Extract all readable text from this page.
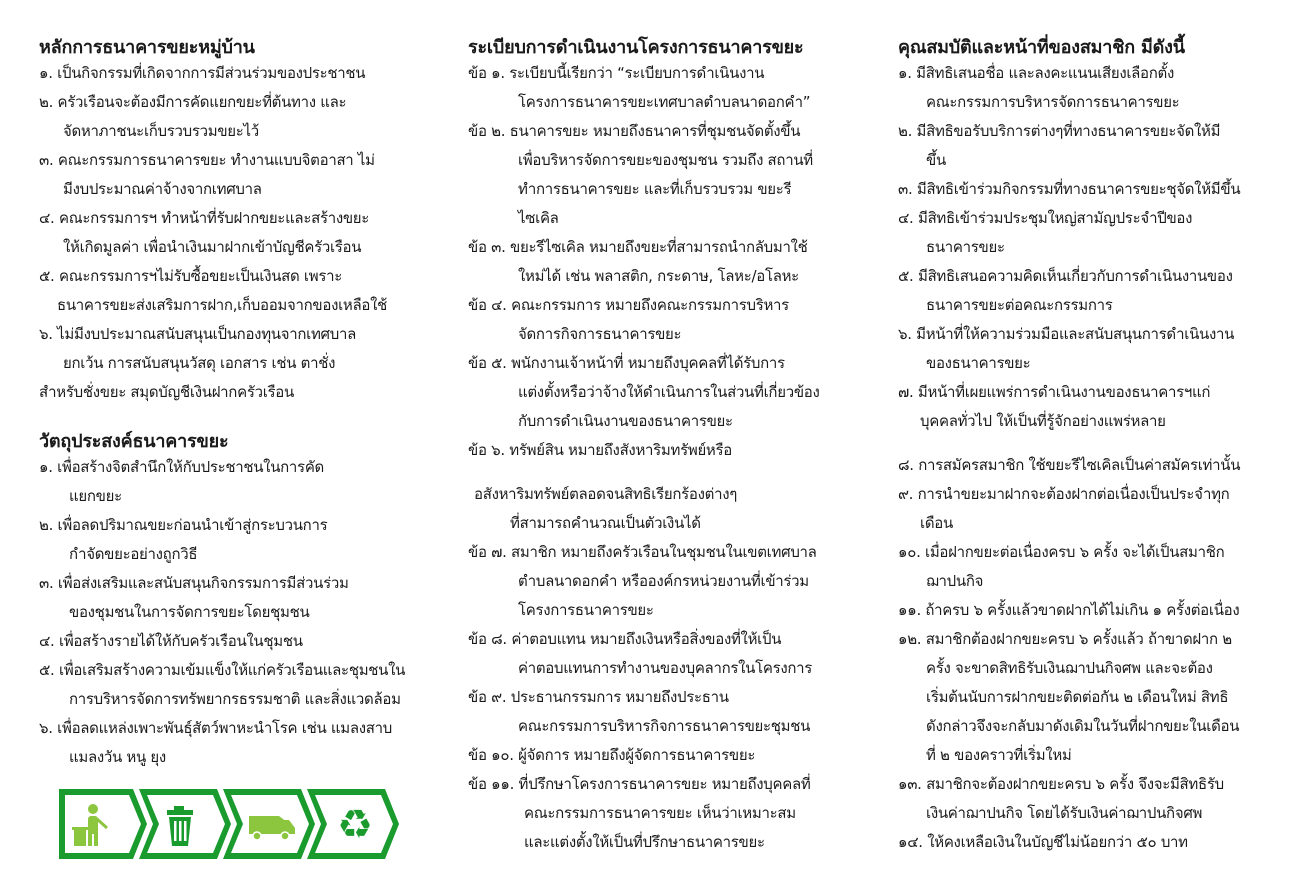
หลักการธนาคารขยะหมู่บ้าน
๑. เป็นกิจกรรมที่เกิดจากการมีส่วนร่วมของประชาชน
๒. ครัวเรือนจะต้องมีการคัดแยกขยะที่ต้นทาง และ
จัดหาภาชนะเก็บรวบรวมขยะไว้
๓. คณะกรรมการธนาคารขยะ ทำงานแบบจิตอาสา ไม่
มีงบประมาณค่าจ้างจากเทศบาล
๔. คณะกรรมการฯ ทำหน้าที่รับฝากขยะและสร้างขยะ
ให้เกิดมูลค่า เพื่อนำเงินมาฝากเข้าบัญชีครัวเรือน
๕. คณะกรรมการฯไม่รับซื้อขยะเป็นเงินสด เพราะ
ธนาคารขยะส่งเสริมการฝาก,เก็บออมจากของเหลือใช้
๖. ไม่มีงบประมาณสนับสนุนเป็นกองทุนจากเทศบาล
ยกเว้น การสนับสนุนวัสดุ เอกสาร เช่น ตาชั่ง
สำหรับชั่งขยะ สมุดบัญชีเงินฝากครัวเรือน
วัตถุประสงค์ธนาคารขยะ
๑. เพื่อสร้างจิตสำนึกให้กับประชาชนในการคัด
แยกขยะ
๒. เพื่อลดปริมาณขยะก่อนนำเข้าสู่กระบวนการ
กำจัดขยะอย่างถูกวิธี
๓. เพื่อส่งเสริมและสนับสนุนกิจกรรมการมีส่วนร่วม
ของชุมชนในการจัดการขยะโดยชุมชน
๔. เพื่อสร้างรายได้ให้กับครัวเรือนในชุมชน
๕. เพื่อเสริมสร้างความเข้มแข็งให้แก่ครัวเรือนและชุมชนใน
การบริหารจัดการทรัพยากรธรรมชาติ และสิ่งแวดล้อม
๖. เพื่อลดแหล่งเพาะพันธุ์สัตว์พาหะนำโรค เช่น แมลงสาบ
แมลงวัน หนู ยุง
♻
ระเบียบการดำเนินงานโครงการธนาคารขยะ
ข้อ ๑. ระเบียบนี้เรียกว่า “ระเบียบการดำเนินงาน
โครงการธนาคารขยะเทศบาลตำบลนาดอกคำ”
ข้อ ๒. ธนาคารขยะ หมายถึงธนาคารที่ชุมชนจัดตั้งขึ้น
เพื่อบริหารจัดการขยะของชุมชน รวมถึง สถานที่
ทำการธนาคารขยะ และที่เก็บรวบรวม ขยะรี
ไซเคิล
ข้อ ๓. ขยะรีไซเคิล หมายถึงขยะที่สามารถนำกลับมาใช้
ใหม่ได้ เช่น พลาสติก, กระดาษ, โลหะ/อโลหะ
ข้อ ๔. คณะกรรมการ หมายถึงคณะกรรมการบริหาร
จัดการกิจการธนาคารขยะ
ข้อ ๕. พนักงานเจ้าหน้าที่ หมายถึงบุคคลที่ได้รับการ
แต่งตั้งหรือว่าจ้างให้ดำเนินการในส่วนที่เกี่ยวข้อง
กับการดำเนินงานของธนาคารขยะ
ข้อ ๖. ทรัพย์สิน หมายถึงสังหาริมทรัพย์หรือ
อสังหาริมทรัพย์ตลอดจนสิทธิเรียกร้องต่างๆ
ที่สามารถคำนวณเป็นตัวเงินได้
ข้อ ๗. สมาชิก หมายถึงครัวเรือนในชุมชนในเขตเทศบาล
ตำบลนาดอกคำ หรือองค์กรหน่วยงานที่เข้าร่วม
โครงการธนาคารขยะ
ข้อ ๘. ค่าตอบแทน หมายถึงเงินหรือสิ่งของที่ให้เป็น
ค่าตอบแทนการทำงานของบุคลากรในโครงการ
ข้อ ๙. ประธานกรรมการ หมายถึงประธาน
คณะกรรมการบริหารกิจการธนาคารขยะชุมชน
ข้อ ๑๐. ผู้จัดการ หมายถึงผู้จัดการธนาคารขยะ
ข้อ ๑๑. ที่ปรึกษาโครงการธนาคารขยะ หมายถึงบุคคลที่
คณะกรรมการธนาคารขยะ เห็นว่าเหมาะสม
และแต่งตั้งให้เป็นที่ปรึกษาธนาคารขยะ
คุณสมบัติและหน้าที่ของสมาชิก มีดังนี้
๑. มีสิทธิเสนอชื่อ และลงคะแนนเสียงเลือกตั้ง
คณะกรรมการบริหารจัดการธนาคารขยะ
๒. มีสิทธิขอรับบริการต่างๆที่ทางธนาคารขยะจัดให้มี
ขึ้น
๓. มีสิทธิเข้าร่วมกิจกรรมที่ทางธนาคารขยะชุจัดให้มีขึ้น
๔. มีสิทธิเข้าร่วมประชุมใหญ่สามัญประจำปีของ
ธนาคารขยะ
๕. มีสิทธิเสนอความคิดเห็นเกี่ยวกับการดำเนินงานของ
ธนาคารขยะต่อคณะกรรมการ
๖. มีหน้าที่ให้ความร่วมมือและสนับสนุนการดำเนินงาน
ของธนาคารขยะ
๗. มีหน้าที่เผยแพร่การดำเนินงานของธนาคารฯแก่
บุคคลทั่วไป ให้เป็นที่รู้จักอย่างแพร่หลาย
๘. การสมัครสมาชิก ใช้ขยะรีไซเคิลเป็นค่าสมัครเท่านั้น
๙. การนำขยะมาฝากจะต้องฝากต่อเนื่องเป็นประจำทุก
เดือน
๑๐. เมื่อฝากขยะต่อเนื่องครบ ๖ ครั้ง จะได้เป็นสมาชิก
ฌาปนกิจ
๑๑. ถ้าครบ ๖ ครั้งแล้วขาดฝากได้ไม่เกิน ๑ ครั้งต่อเนื่อง
๑๒. สมาชิกต้องฝากขยะครบ ๖ ครั้งแล้ว ถ้าขาดฝาก ๒
ครั้ง จะขาดสิทธิรับเงินฌาปนกิจศพ และจะต้อง
เริ่มต้นนับการฝากขยะติดต่อกัน ๒ เดือนใหม่ สิทธิ
ดังกล่าวจึงจะกลับมาดังเดิมในวันที่ฝากขยะในเดือน
ที่ ๒ ของคราวที่เริ่มใหม่
๑๓. สมาชิกจะต้องฝากขยะครบ ๖ ครั้ง จึงจะมีสิทธิรับ
เงินค่าฌาปนกิจ โดยได้รับเงินค่าฌาปนกิจศพ
๑๔. ให้คงเหลือเงินในบัญชีไม่น้อยกว่า ๕๐ บาท
